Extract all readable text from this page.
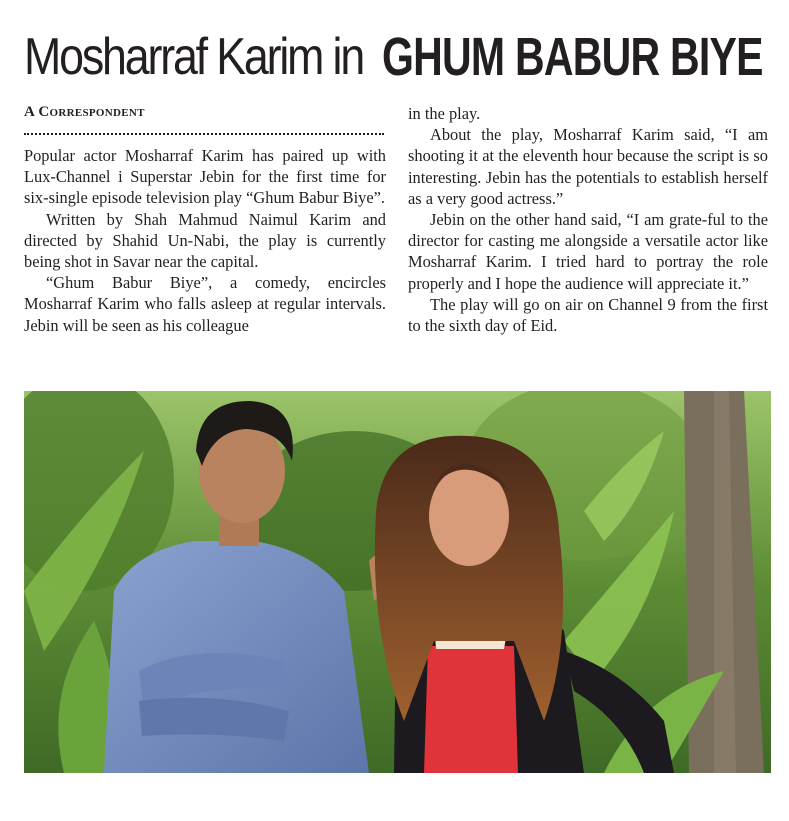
Mosharraf Karim in GHUM BABUR BIYE
A Correspondent

Popular actor Mosharraf Karim has paired up with Lux-Channel i Superstar Jebin for the first time for six-single episode television play “Ghum Babur Biye”.

Written by Shah Mahmud Naimul Karim and directed by Shahid Un-Nabi, the play is currently being shot in Savar near the capital.

“Ghum Babur Biye”, a comedy, encircles Mosharraf Karim who falls asleep at regular intervals. Jebin will be seen as his colleague

in the play.

About the play, Mosharraf Karim said, “I am shooting it at the eleventh hour because the script is so interesting. Jebin has the potentials to establish herself as a very good actress.”

Jebin on the other hand said, “I am grate-ful to the director for casting me alongside a versatile actor like Mosharraf Karim. I tried hard to portray the role properly and I hope the audience will appreciate it.”

The play will go on air on Channel 9 from the first to the sixth day of Eid.
